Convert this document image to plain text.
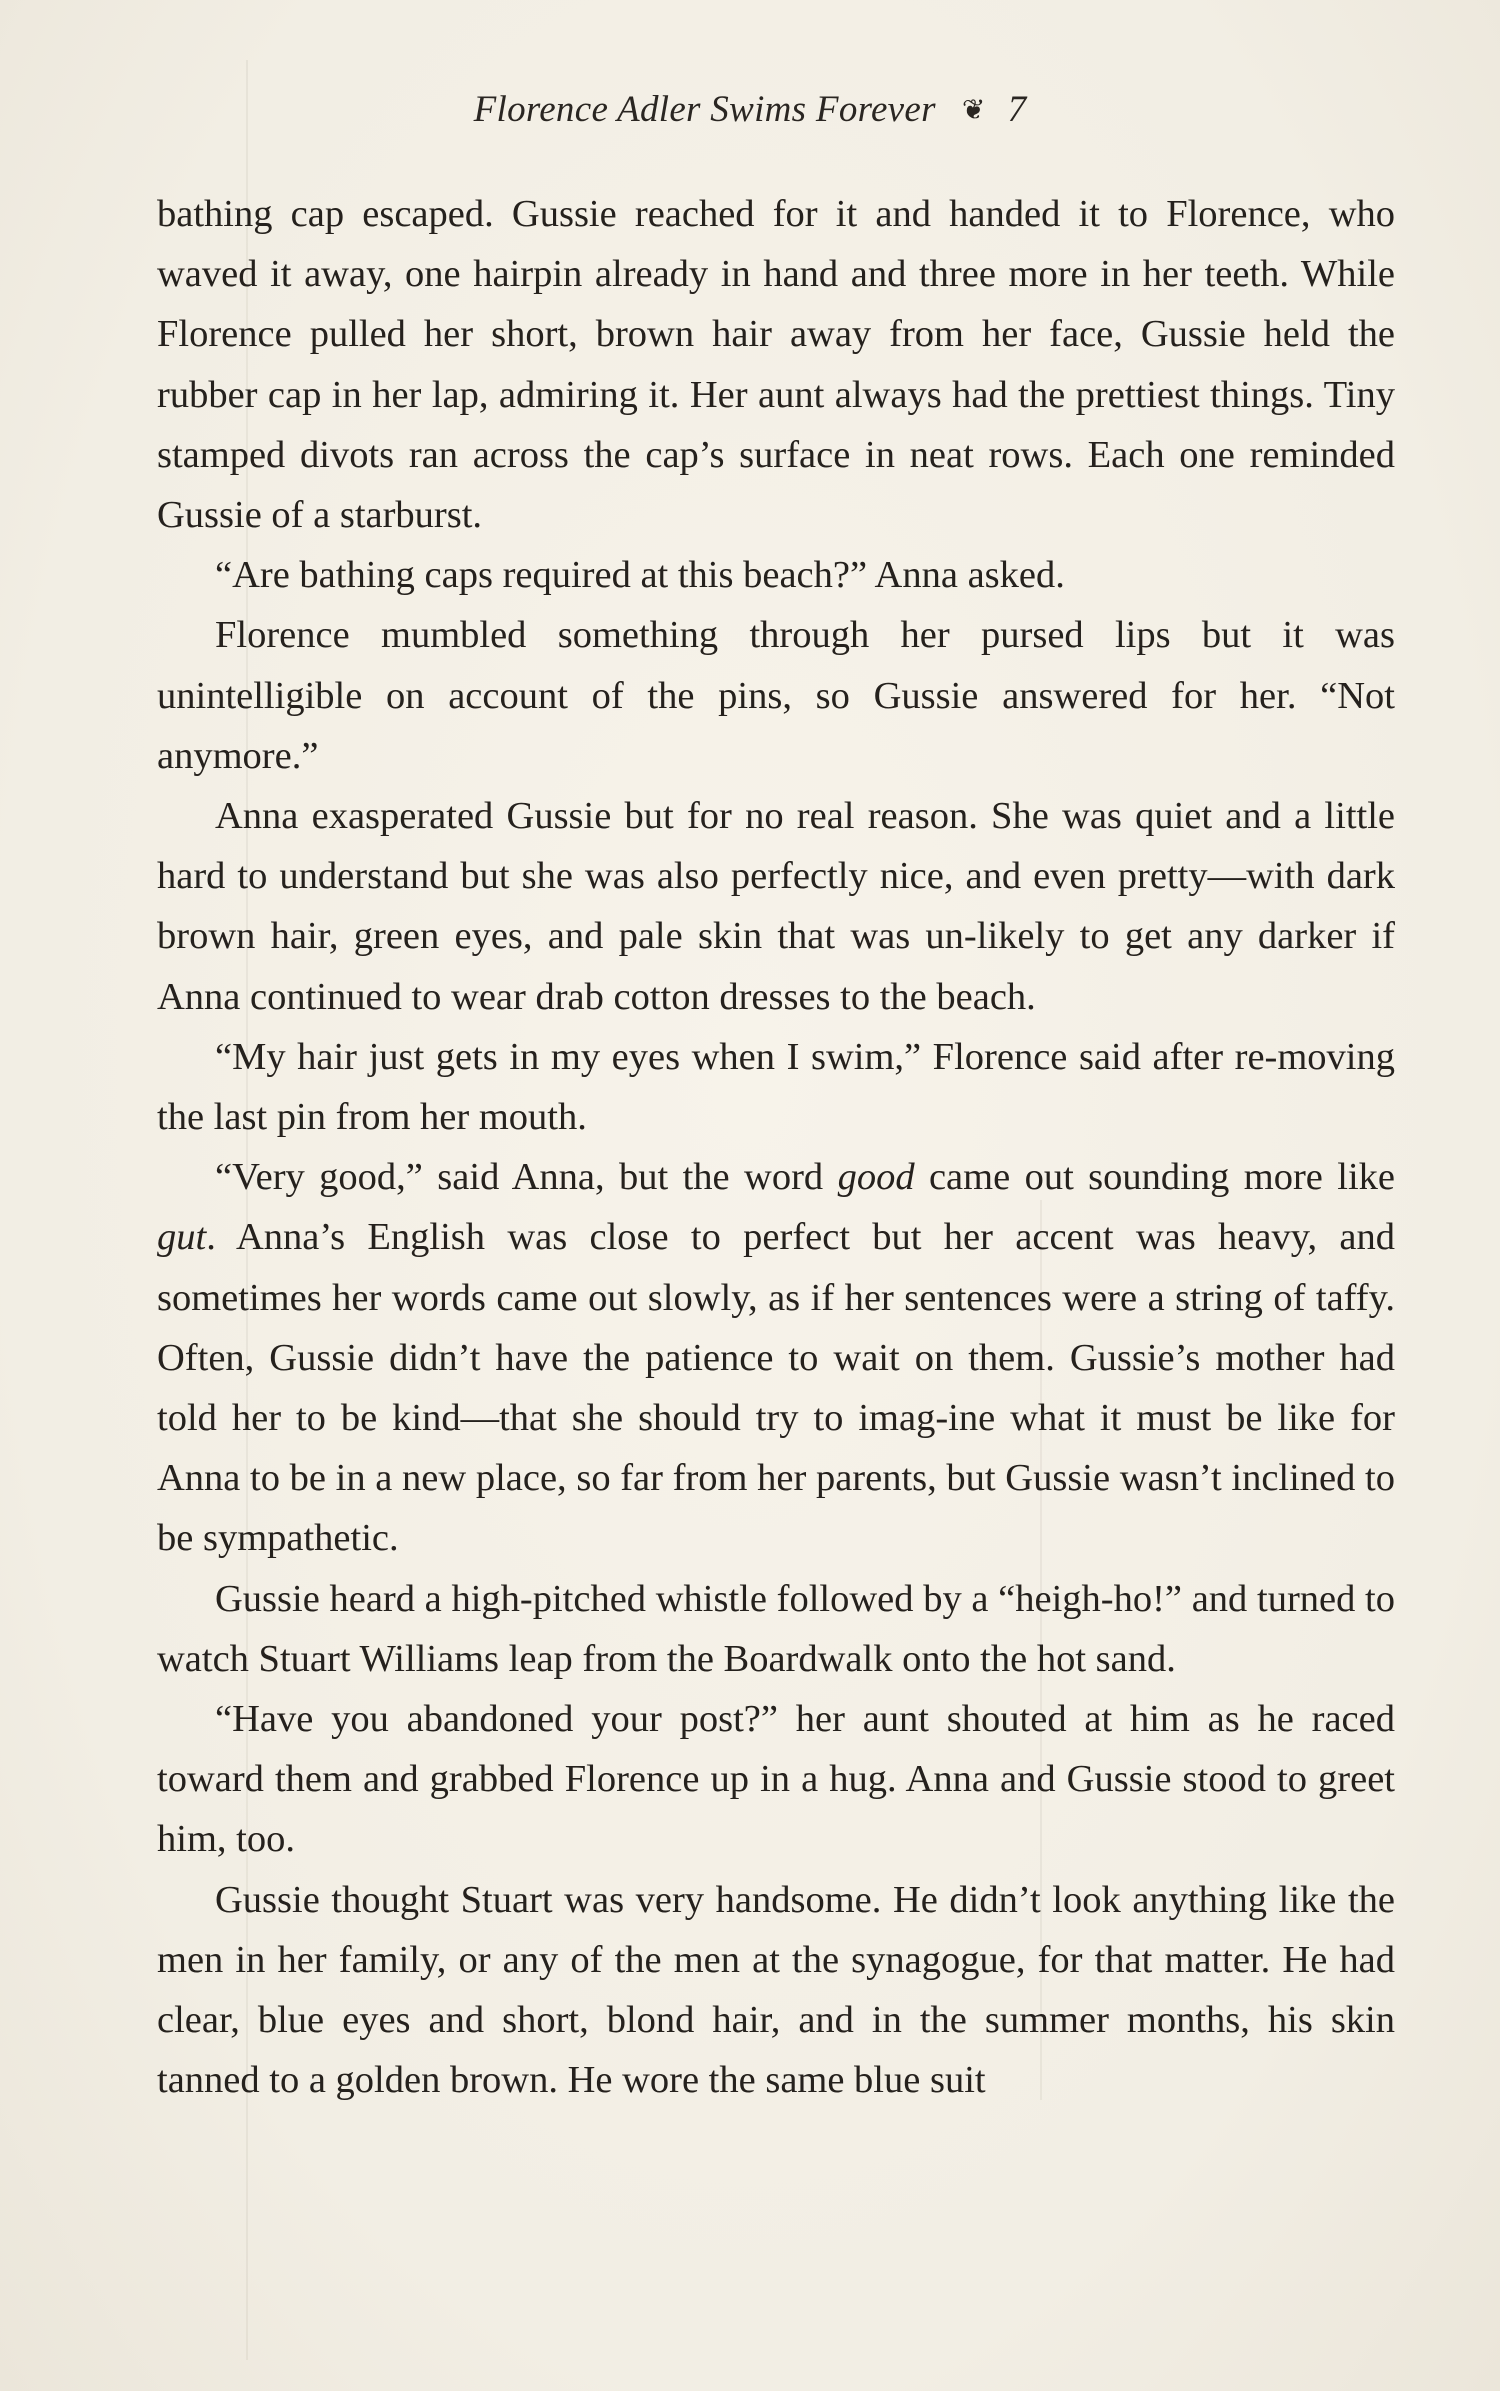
Florence Adler Swims Forever ❦ 7

bathing cap escaped. Gussie reached for it and handed it to Florence, who waved it away, one hairpin already in hand and three more in her teeth. While Florence pulled her short, brown hair away from her face, Gussie held the rubber cap in her lap, admiring it. Her aunt always had the prettiest things. Tiny stamped divots ran across the cap’s surface in neat rows. Each one reminded Gussie of a starburst.

“Are bathing caps required at this beach?” Anna asked.

Florence mumbled something through her pursed lips but it was unintelligible on account of the pins, so Gussie answered for her. “Not anymore.”

Anna exasperated Gussie but for no real reason. She was quiet and a little hard to understand but she was also perfectly nice, and even pretty—with dark brown hair, green eyes, and pale skin that was un-likely to get any darker if Anna continued to wear drab cotton dresses to the beach.

“My hair just gets in my eyes when I swim,” Florence said after re-moving the last pin from her mouth.

“Very good,” said Anna, but the word good came out sounding more like gut. Anna’s English was close to perfect but her accent was heavy, and sometimes her words came out slowly, as if her sentences were a string of taffy. Often, Gussie didn’t have the patience to wait on them. Gussie’s mother had told her to be kind—that she should try to imag-ine what it must be like for Anna to be in a new place, so far from her parents, but Gussie wasn’t inclined to be sympathetic.

Gussie heard a high-pitched whistle followed by a “heigh-ho!” and turned to watch Stuart Williams leap from the Boardwalk onto the hot sand.

“Have you abandoned your post?” her aunt shouted at him as he raced toward them and grabbed Florence up in a hug. Anna and Gussie stood to greet him, too.

Gussie thought Stuart was very handsome. He didn’t look anything like the men in her family, or any of the men at the synagogue, for that matter. He had clear, blue eyes and short, blond hair, and in the summer months, his skin tanned to a golden brown. He wore the same blue suit
